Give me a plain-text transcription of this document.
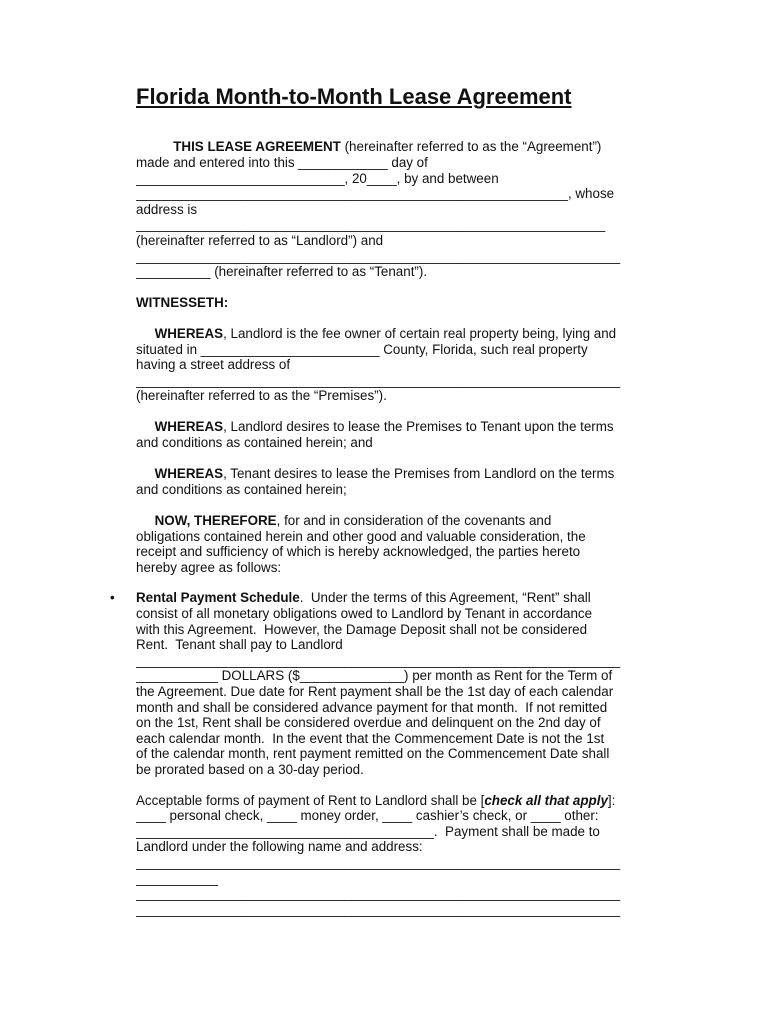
Florida Month-to-Month Lease Agreement
THIS LEASE AGREEMENT (hereinafter referred to as the “Agreement”)
made and entered into this ____________ day of
____________________________, 20____, by and between
__________________________________________________________, whose
address is
_______________________________________________________________
(hereinafter referred to as “Landlord”) and
_________________________________________________________________
__________ (hereinafter referred to as “Tenant”).
WITNESSETH:
WHEREAS, Landlord is the fee owner of certain real property being, lying and
situated in ________________________ County, Florida, such real property
having a street address of
_________________________________________________________________
(hereinafter referred to as the “Premises”).
WHEREAS, Landlord desires to lease the Premises to Tenant upon the terms
and conditions as contained herein; and
WHEREAS, Tenant desires to lease the Premises from Landlord on the terms
and conditions as contained herein;
NOW, THEREFORE, for and in consideration of the covenants and
obligations contained herein and other good and valuable consideration, the
receipt and sufficiency of which is hereby acknowledged, the parties hereto
hereby agree as follows:
• Rental Payment Schedule.  Under the terms of this Agreement, “Rent” shall
consist of all monetary obligations owed to Landlord by Tenant in accordance
with this Agreement.  However, the Damage Deposit shall not be considered
Rent.  Tenant shall pay to Landlord
_________________________________________________________________
___________ DOLLARS ($______________) per month as Rent for the Term of
the Agreement. Due date for Rent payment shall be the 1st day of each calendar
month and shall be considered advance payment for that month.  If not remitted
on the 1st, Rent shall be considered overdue and delinquent on the 2nd day of
each calendar month.  In the event that the Commencement Date is not the 1st
of the calendar month, rent payment remitted on the Commencement Date shall
be prorated based on a 30-day period.
Acceptable forms of payment of Rent to Landlord shall be [check all that apply]:
____ personal check, ____ money order, ____ cashier’s check, or ____ other:
________________________________________.  Payment shall be made to
Landlord under the following name and address:
_________________________________________________________________
___________
_________________________________________________________________
_________________________________________________________________
